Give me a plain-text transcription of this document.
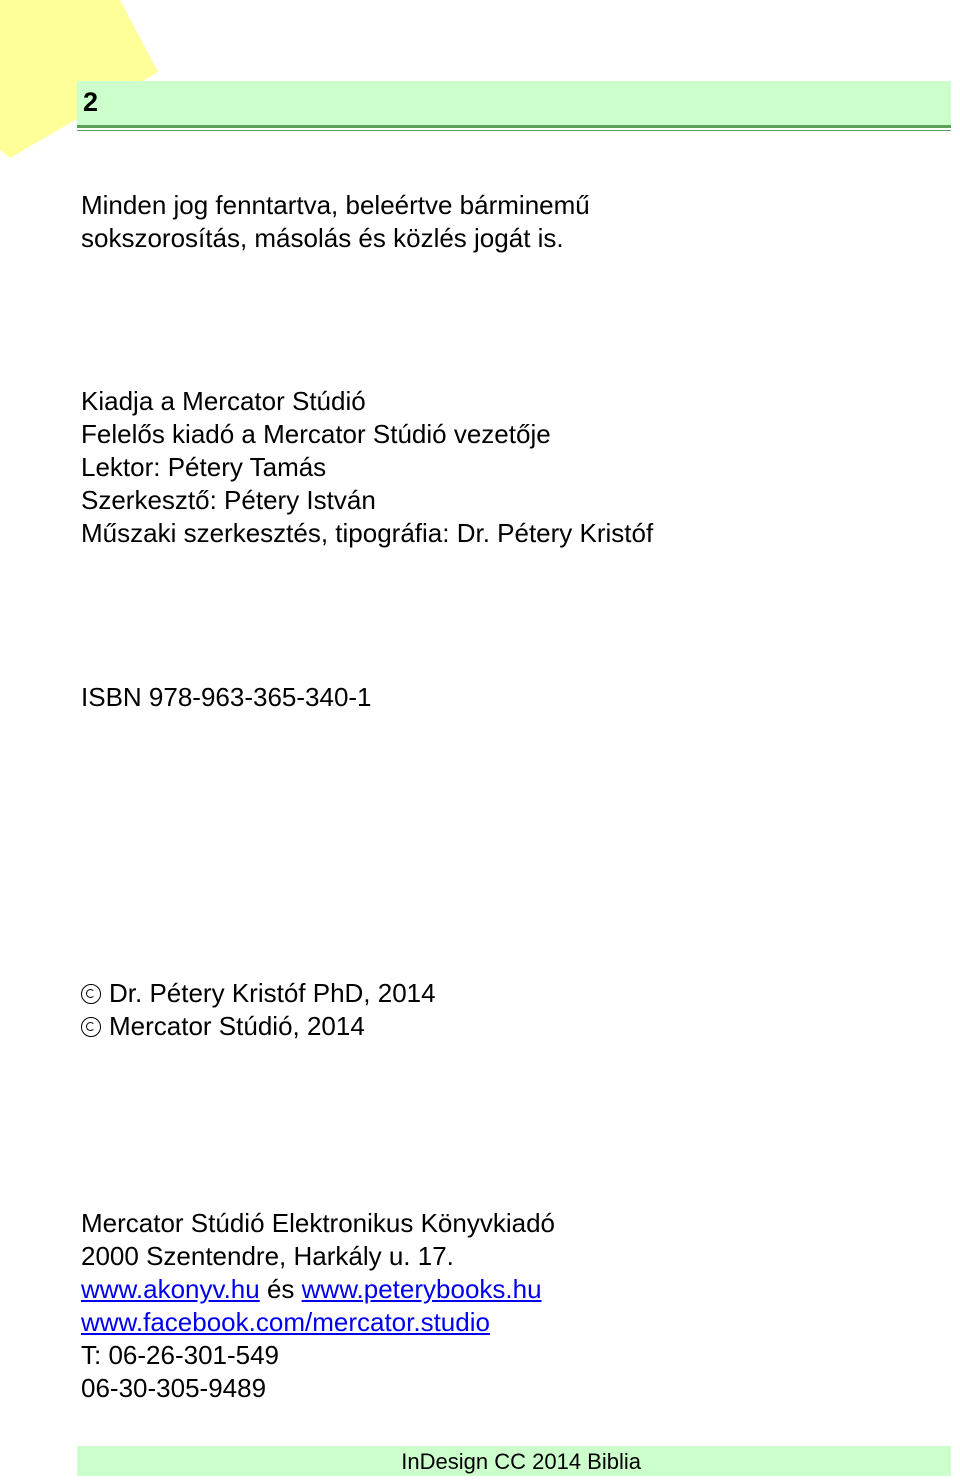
2
Minden jog fenntartva, beleértve bárminemű
sokszorosítás, másolás és közlés jogát is.
Kiadja a Mercator Stúdió
Felelős kiadó a Mercator Stúdió vezetője
Lektor: Pétery Tamás
Szerkesztő: Pétery István
Műszaki szerkesztés, tipográfia: Dr. Pétery Kristóf
ISBN 978-963-365-340-1
Dr. Pétery Kristóf PhD, 2014
Mercator Stúdió, 2014
Mercator Stúdió Elektronikus Könyvkiadó
2000 Szentendre, Harkály u. 17.
www.akonyv.hu és www.peterybooks.hu
www.facebook.com/mercator.studio
T: 06-26-301-549
06-30-305-9489
InDesign CC 2014 Biblia
